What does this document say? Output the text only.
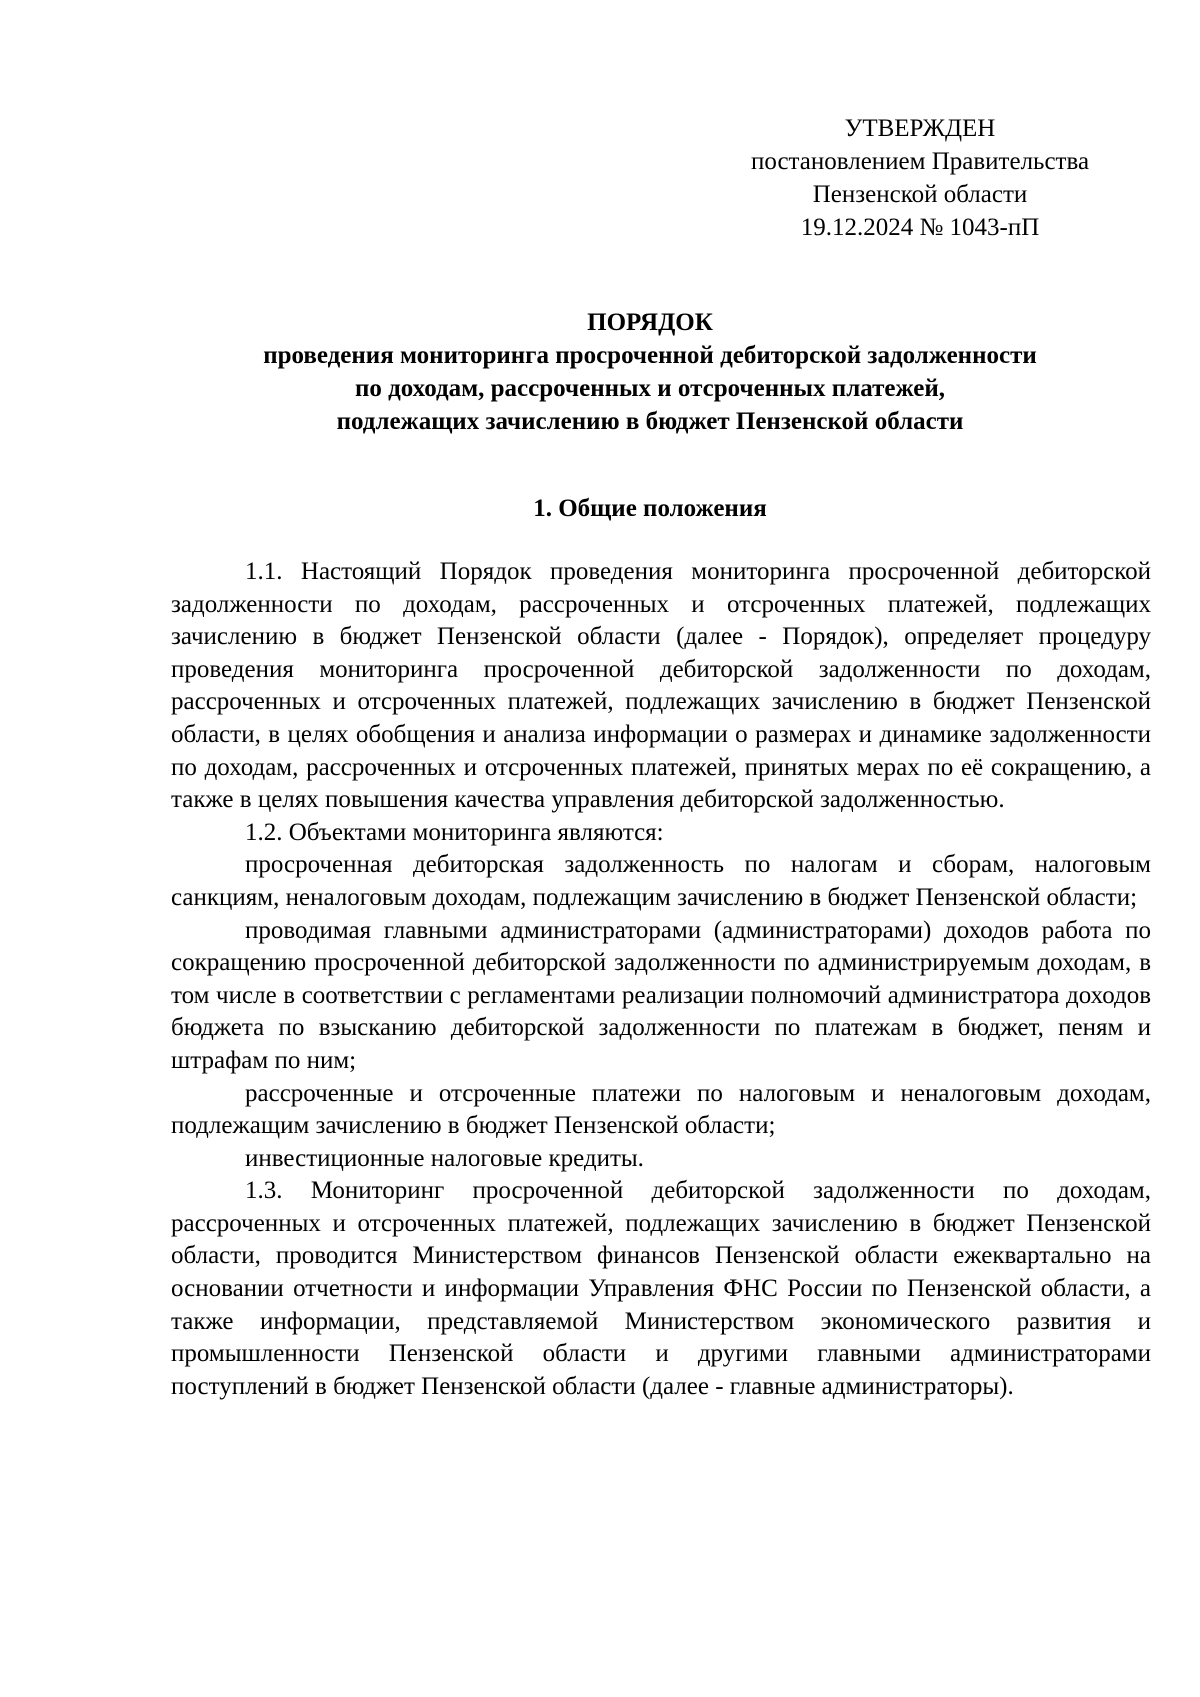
УТВЕРЖДЕН
постановлением Правительства
Пензенской области
19.12.2024 № 1043-пП
ПОРЯДОК
проведения мониторинга просроченной дебиторской задолженности
по доходам, рассроченных и отсроченных платежей,
подлежащих зачислению в бюджет Пензенской области
1. Общие положения

1.1. Настоящий Порядок проведения мониторинга просроченной дебиторской задолженности по доходам, рассроченных и отсроченных платежей, подлежащих зачислению в бюджет Пензенской области (далее - Порядок), определяет процедуру проведения мониторинга просроченной дебиторской задолженности по доходам, рассроченных и отсроченных платежей, подлежащих зачислению в бюджет Пензенской области, в целях обобщения и анализа информации о размерах и динамике задолженности по доходам, рассроченных и отсроченных платежей, принятых мерах по её сокращению, а также в целях повышения качества управления дебиторской задолженностью.

1.2. Объектами мониторинга являются:

просроченная дебиторская задолженность по налогам и сборам, налоговым санкциям, неналоговым доходам, подлежащим зачислению в бюджет Пензенской области;

проводимая главными администраторами (администраторами) доходов работа по сокращению просроченной дебиторской задолженности по администрируемым доходам, в том числе в соответствии с регламентами реализации полномочий администратора доходов бюджета по взысканию дебиторской задолженности по платежам в бюджет, пеням и штрафам по ним;

рассроченные и отсроченные платежи по налоговым и неналоговым доходам, подлежащим зачислению в бюджет Пензенской области;

инвестиционные налоговые кредиты.

1.3. Мониторинг просроченной дебиторской задолженности по доходам, рассроченных и отсроченных платежей, подлежащих зачислению в бюджет Пензенской области, проводится Министерством финансов Пензенской области ежеквартально на основании отчетности и информации Управления ФНС России по Пензенской области, а также информации, представляемой Министерством экономического развития и промышленности Пензенской области и другими главными администраторами поступлений в бюджет Пензенской области (далее - главные администраторы).
